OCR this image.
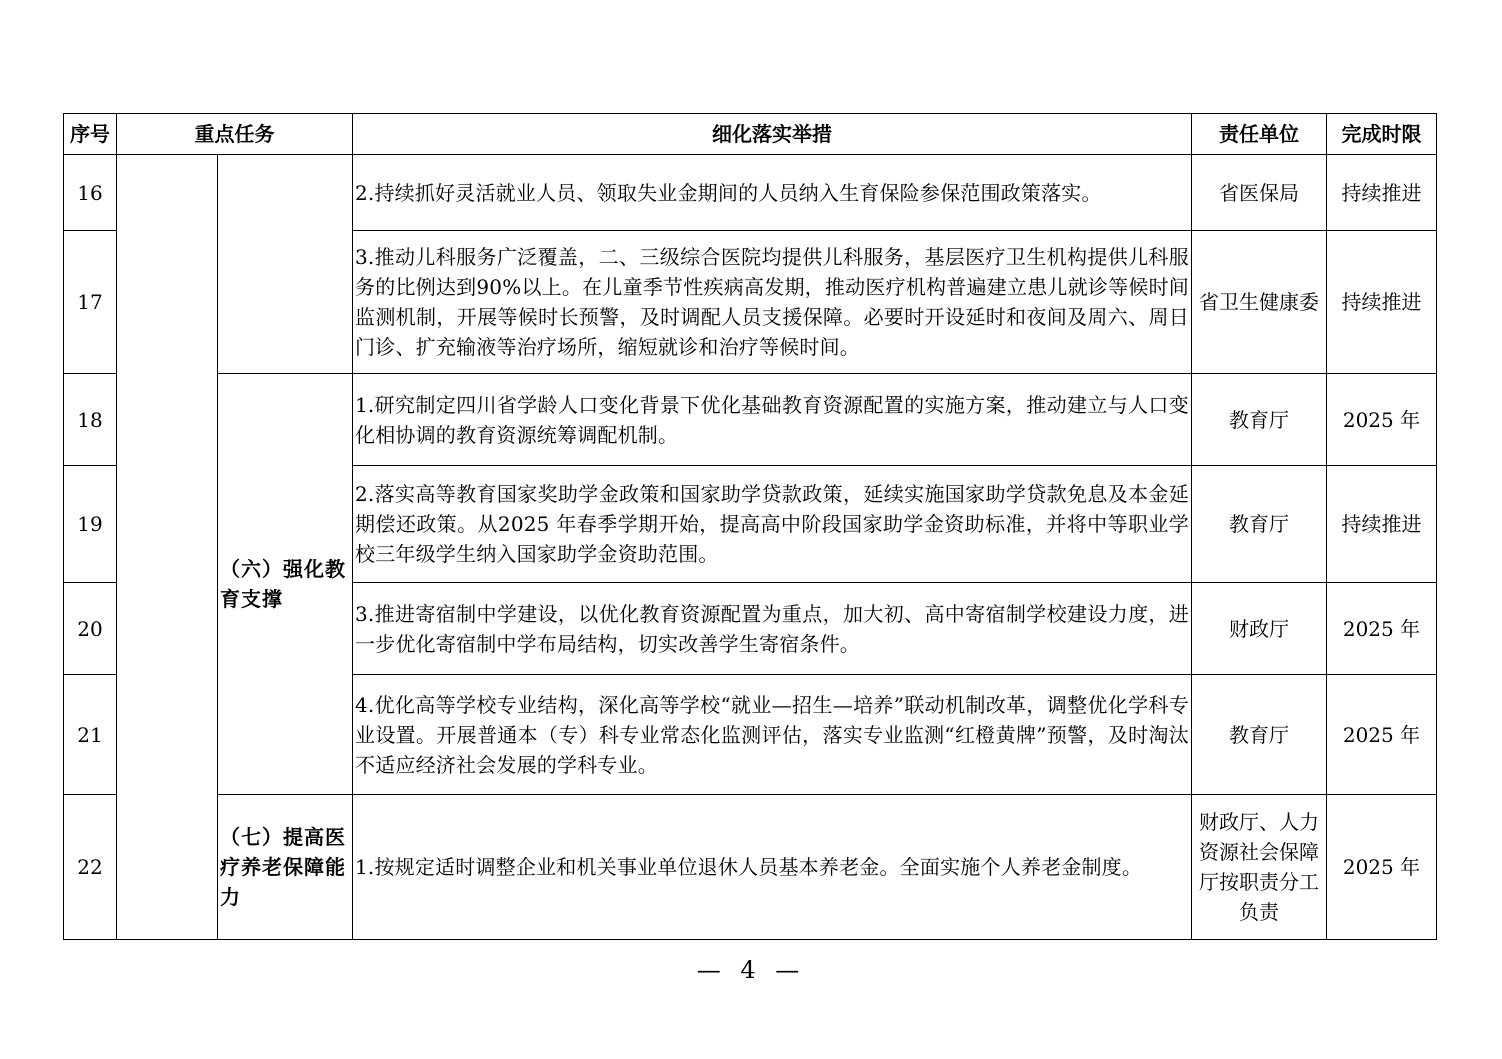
序号	重点任务		细化落实举措	责任单位	完成时限
16			2.持续抓好灵活就业人员、领取失业金期间的人员纳入生育保险参保范围政策落实。	省医保局	持续推进
17			3.推动儿科服务广泛覆盖，二、三级综合医院均提供儿科服务，基层医疗卫生机构提供儿科服务的比例达到90%以上。在儿童季节性疾病高发期，推动医疗机构普遍建立患儿就诊等候时间监测机制，开展等候时长预警，及时调配人员支援保障。必要时开设延时和夜间及周六、周日门诊、扩充输液等治疗场所，缩短就诊和治疗等候时间。	省卫生健康委	持续推进
18		（六）强化教育支撑	1.研究制定四川省学龄人口变化背景下优化基础教育资源配置的实施方案，推动建立与人口变化相协调的教育资源统筹调配机制。	教育厅	2025 年
19			2.落实高等教育国家奖助学金政策和国家助学贷款政策，延续实施国家助学贷款免息及本金延期偿还政策。从2025 年春季学期开始，提高高中阶段国家助学金资助标准，并将中等职业学校三年级学生纳入国家助学金资助范围。	教育厅	持续推进
20			3.推进寄宿制中学建设，以优化教育资源配置为重点，加大初、高中寄宿制学校建设力度，进一步优化寄宿制中学布局结构，切实改善学生寄宿条件。	财政厅	2025 年
21			4.优化高等学校专业结构，深化高等学校“就业—招生—培养”联动机制改革，调整优化学科专业设置。开展普通本（专）科专业常态化监测评估，落实专业监测“红橙黄牌”预警，及时淘汰不适应经济社会发展的学科专业。	教育厅	2025 年
22		（七）提高医疗养老保障能力	1.按规定适时调整企业和机关事业单位退休人员基本养老金。全面实施个人养老金制度。	财政厅、人力资源社会保障厅按职责分工负责	2025 年
— 4 —
